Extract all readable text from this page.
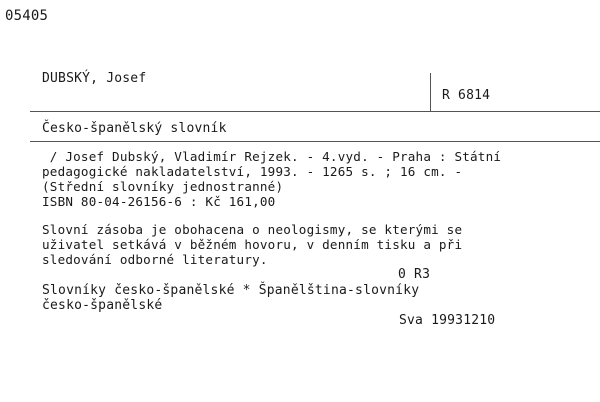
05405
DUBSKÝ, Josef
R 6814
Česko-španělský slovník
/ Josef Dubský, Vladimír Rejzek. - 4.vyd. - Praha : Státní
pedagogické nakladatelství, 1993. - 1265 s. ; 16 cm. -
(Střední slovníky jednostranné)
ISBN 80-04-26156-6 : Kč 161,00
Slovní zásoba je obohacena o neologismy, se kterými se
uživatel setkává v běžném hovoru, v denním tisku a při
sledování odborné literatury.
0 R3
Slovníky česko-španělské * Španělština-slovníky
česko-španělské
Sva 19931210
